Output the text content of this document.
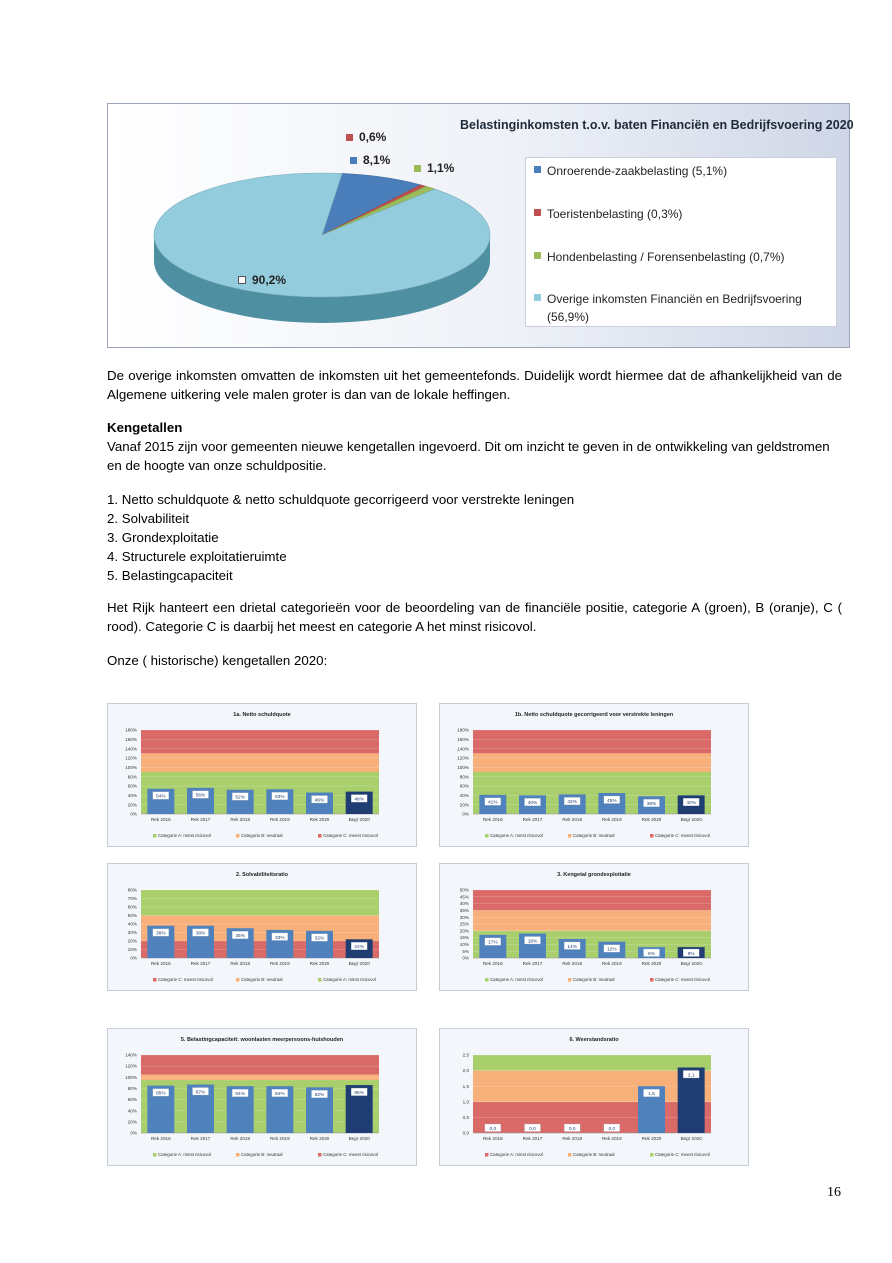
Belastinginkomsten t.o.v. baten Financiën en Bedrijfsvoering 2020
0,6%
8,1%
1,1%
90,2%
Onroerende-zaakbelasting (5,1%)
Toeristenbelasting (0,3%)
Hondenbelasting / Forensenbelasting (0,7%)
Overige inkomsten Financiën en Bedrijfsvoering (56,9%)

De overige inkomsten omvatten de inkomsten uit het gemeentefonds. Duidelijk wordt hiermee dat de afhankelijkheid van de Algemene uitkering vele malen groter is dan van de lokale heffingen.

Kengetallen

Vanaf 2015 zijn voor gemeenten nieuwe kengetallen ingevoerd. Dit om inzicht te geven in de ontwikkeling van geldstromen en de hoogte van onze schuldpositie.

1. Netto schuldquote & netto schuldquote gecorrigeerd voor verstrekte leningen

2. Solvabiliteit

3. Grondexploitatie

4. Structurele exploitatieruimte

5. Belastingcapaciteit

Het Rijk hanteert een drietal categorieën voor de beoordeling van de financiële positie, categorie A (groen), B (oranje), C ( rood). Categorie C is daarbij het meest en categorie A het minst risicovol.

Onze ( historische) kengetallen 2020:

1a. Netto schuldquote
0%
20%
40%
60%
80%
100%
120%
140%
160%
180%
54%
Rek 2016
56%
Rek 2017
52%
Rek 2018
53%
Rek 2019
46%
Rek 2020
48%
Begr 2020
Categorie A: minst risicovol	Categorie B: neutraal	Categorie C: meest risicovol
1b. Netto schuldquote gecorrigeerd voor verstrekte leningen
0%
20%
40%
60%
80%
100%
120%
140%
160%
180%
41%
Rek 2016
40%
Rek 2017
42%
Rek 2018
45%
Rek 2019
38%
Rek 2020
40%
Begr 2020
Categorie A: minst risicovol	Categorie B: neutraal	Categorie C: meest risicovol
2. Solvabiliteitsratio
0%
10%
20%
30%
40%
50%
60%
70%
80%
38%
Rek 2016
38%
Rek 2017
35%
Rek 2018
33%
Rek 2019
32%
Rek 2020
22%
Begr 2020
Categorie C: meest risicovol	Categorie B: neutraal	Categorie A: minst risicovol
3. Kengetal grondexploitatie
0%
5%
10%
15%
20%
25%
30%
35%
40%
45%
50%
17%
Rek 2016
18%
Rek 2017
14%
Rek 2018
12%
Rek 2019
8%
Rek 2020
8%
Begr 2020
Categorie A: minst risicovol	Categorie B: neutraal	Categorie C: meest risicovol
5. Belastingcapaciteit: woonlasten meerpersoons-huishouden
0%
20%
40%
60%
80%
100%
120%
140%
85%
Rek 2016
87%
Rek 2017
84%
Rek 2018
84%
Rek 2019
82%
Rek 2020
86%
Begr 2020
Categorie A: minst risicovol	Categorie B: neutraal	Categorie C: meest risicovol
6. Weerstandsratio
0,0
0,5
1,0
1,5
2,0
2,5
0,0
Rek 2016
0,0
Rek 2017
0,0
Rek 2018
0,0
Rek 2019
1,5
Rek 2020
2,1
Begr 2020
Categorie A: minst risicovol	Categorie B: neutraal	Categorie C: meest risicovol
16
